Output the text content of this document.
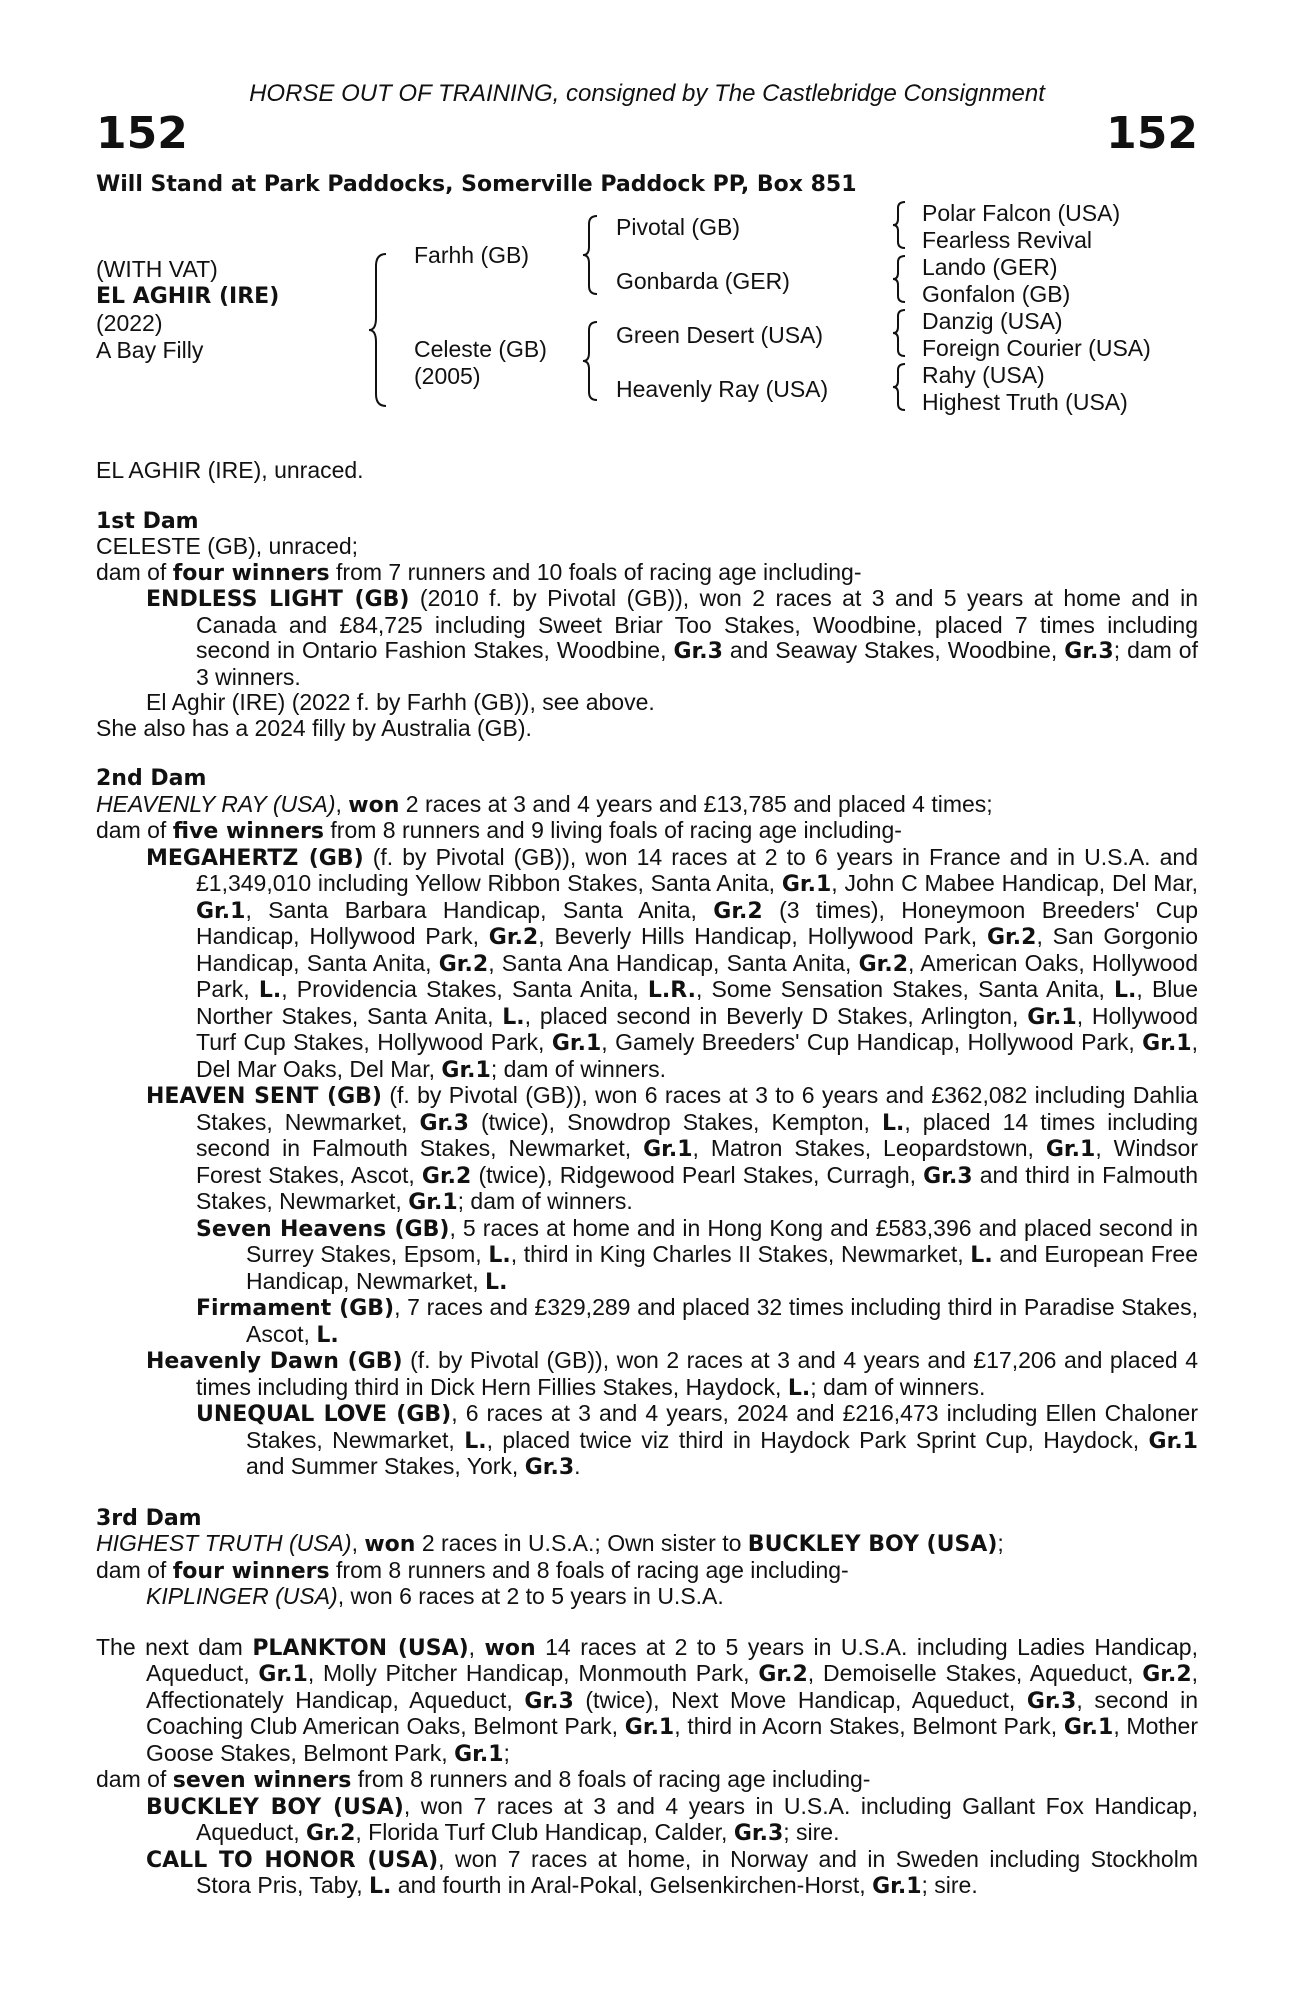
HORSE OUT OF TRAINING, consigned by The Castlebridge Consignment
152	152
Will Stand at Park Paddocks, Somerville Paddock PP, Box 851
(WITH VAT)
EL AGHIR (IRE)
(2022)
A Bay Filly
Farhh (GB)
Celeste (GB)
(2005)
Pivotal (GB)
Gonbarda (GER)
Green Desert (USA)
Heavenly Ray (USA)
Polar Falcon (USA)
Fearless Revival
Lando (GER)
Gonfalon (GB)
Danzig (USA)
Foreign Courier (USA)
Rahy (USA)
Highest Truth (USA)

EL AGHIR (IRE), unraced.

1st Dam

CELESTE (GB), unraced;

dam of four winners from 7 runners and 10 foals of racing age including-

ENDLESS LIGHT (GB) (2010 f. by Pivotal (GB)), won 2 races at 3 and 5 years at home and in Canada and £84,725 including Sweet Briar Too Stakes, Woodbine, placed 7 times including second in Ontario Fashion Stakes, Woodbine, Gr.3 and Seaway Stakes, Woodbine, Gr.3; dam of 3 winners.

El Aghir (IRE) (2022 f. by Farhh (GB)), see above.

She also has a 2024 filly by Australia (GB).

2nd Dam

HEAVENLY RAY (USA), won 2 races at 3 and 4 years and £13,785 and placed 4 times;

dam of five winners from 8 runners and 9 living foals of racing age including-

MEGAHERTZ (GB) (f. by Pivotal (GB)), won 14 races at 2 to 6 years in France and in U.S.A. and £1,349,010 including Yellow Ribbon Stakes, Santa Anita, Gr.1, John C Mabee Handicap, Del Mar, Gr.1, Santa Barbara Handicap, Santa Anita, Gr.2 (3 times), Honeymoon Breeders' Cup Handicap, Hollywood Park, Gr.2, Beverly Hills Handicap, Hollywood Park, Gr.2, San Gorgonio Handicap, Santa Anita, Gr.2, Santa Ana Handicap, Santa Anita, Gr.2, American Oaks, Hollywood Park, L., Providencia Stakes, Santa Anita, L.R., Some Sensation Stakes, Santa Anita, L., Blue Norther Stakes, Santa Anita, L., placed second in Beverly D Stakes, Arlington, Gr.1, Hollywood Turf Cup Stakes, Hollywood Park, Gr.1, Gamely Breeders' Cup Handicap, Hollywood Park, Gr.1, Del Mar Oaks, Del Mar, Gr.1; dam of winners.

HEAVEN SENT (GB) (f. by Pivotal (GB)), won 6 races at 3 to 6 years and £362,082 including Dahlia Stakes, Newmarket, Gr.3 (twice), Snowdrop Stakes, Kempton, L., placed 14 times including second in Falmouth Stakes, Newmarket, Gr.1, Matron Stakes, Leopardstown, Gr.1, Windsor Forest Stakes, Ascot, Gr.2 (twice), Ridgewood Pearl Stakes, Curragh, Gr.3 and third in Falmouth Stakes, Newmarket, Gr.1; dam of winners.

Seven Heavens (GB), 5 races at home and in Hong Kong and £583,396 and placed second in Surrey Stakes, Epsom, L., third in King Charles II Stakes, Newmarket, L. and European Free Handicap, Newmarket, L.

Firmament (GB), 7 races and £329,289 and placed 32 times including third in Paradise Stakes, Ascot, L.

Heavenly Dawn (GB) (f. by Pivotal (GB)), won 2 races at 3 and 4 years and £17,206 and placed 4 times including third in Dick Hern Fillies Stakes, Haydock, L.; dam of winners.

UNEQUAL LOVE (GB), 6 races at 3 and 4 years, 2024 and £216,473 including Ellen Chaloner Stakes, Newmarket, L., placed twice viz third in Haydock Park Sprint Cup, Haydock, Gr.1 and Summer Stakes, York, Gr.3.

3rd Dam

HIGHEST TRUTH (USA), won 2 races in U.S.A.; Own sister to BUCKLEY BOY (USA);

dam of four winners from 8 runners and 8 foals of racing age including-

KIPLINGER (USA), won 6 races at 2 to 5 years in U.S.A.

The next dam PLANKTON (USA), won 14 races at 2 to 5 years in U.S.A. including Ladies Handicap, Aqueduct, Gr.1, Molly Pitcher Handicap, Monmouth Park, Gr.2, Demoiselle Stakes, Aqueduct, Gr.2, Affectionately Handicap, Aqueduct, Gr.3 (twice), Next Move Handicap, Aqueduct, Gr.3, second in Coaching Club American Oaks, Belmont Park, Gr.1, third in Acorn Stakes, Belmont Park, Gr.1, Mother Goose Stakes, Belmont Park, Gr.1;

dam of seven winners from 8 runners and 8 foals of racing age including-

BUCKLEY BOY (USA), won 7 races at 3 and 4 years in U.S.A. including Gallant Fox Handicap, Aqueduct, Gr.2, Florida Turf Club Handicap, Calder, Gr.3; sire.

CALL TO HONOR (USA), won 7 races at home, in Norway and in Sweden including Stockholm Stora Pris, Taby, L. and fourth in Aral-Pokal, Gelsenkirchen-Horst, Gr.1; sire.
